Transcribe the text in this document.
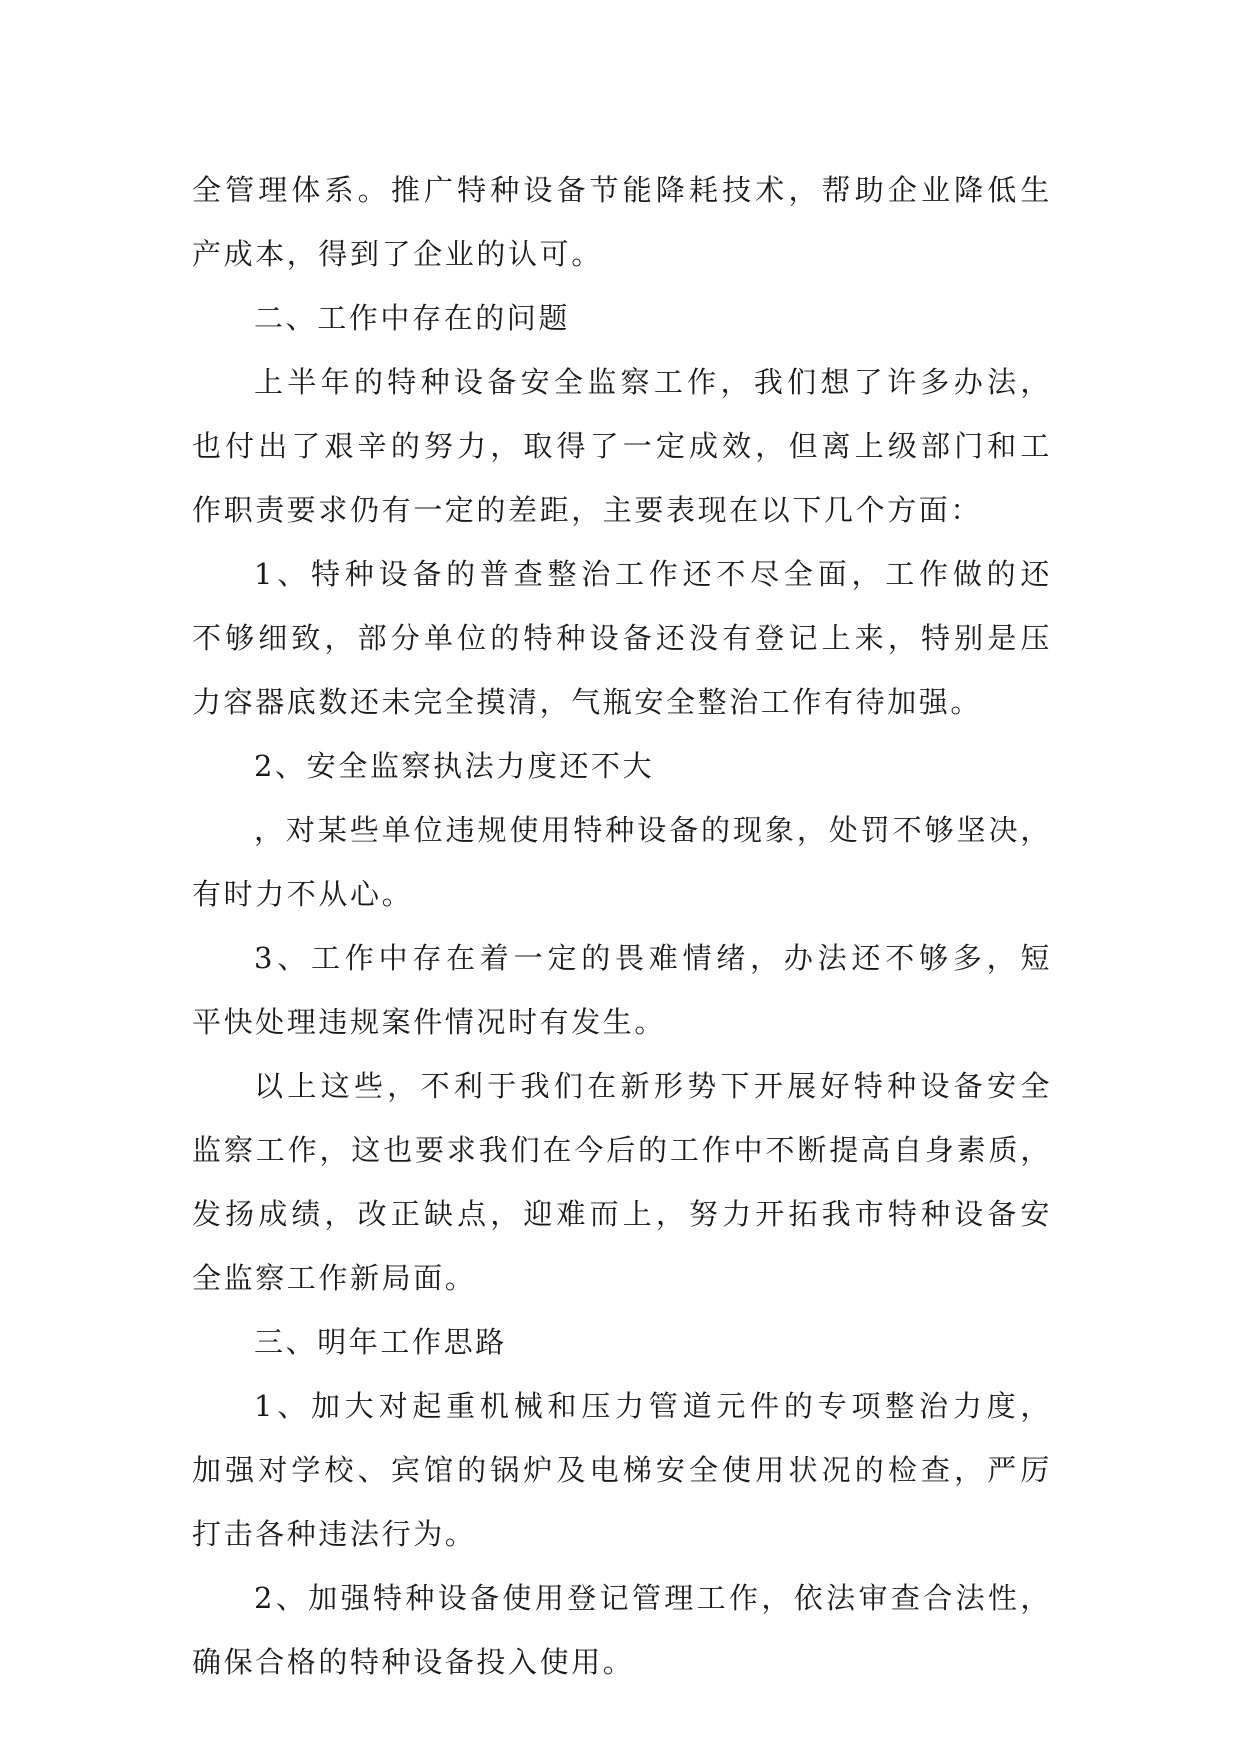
全管理体系。推广特种设备节能降耗技术，帮助企业降低生
产成本，得到了企业的认可。
二、工作中存在的问题
上半年的特种设备安全监察工作，我们想了许多办法，
也付出了艰辛的努力，取得了一定成效，但离上级部门和工
作职责要求仍有一定的差距，主要表现在以下几个方面：
1、特种设备的普查整治工作还不尽全面，工作做的还
不够细致，部分单位的特种设备还没有登记上来，特别是压
力容器底数还未完全摸清，气瓶安全整治工作有待加强。
2、安全监察执法力度还不大
，对某些单位违规使用特种设备的现象，处罚不够坚决，
有时力不从心。
3、工作中存在着一定的畏难情绪，办法还不够多，短
平快处理违规案件情况时有发生。
以上这些，不利于我们在新形势下开展好特种设备安全
监察工作，这也要求我们在今后的工作中不断提高自身素质，
发扬成绩，改正缺点，迎难而上，努力开拓我市特种设备安
全监察工作新局面。
三、明年工作思路
1、加大对起重机械和压力管道元件的专项整治力度，
加强对学校、宾馆的锅炉及电梯安全使用状况的检查，严厉
打击各种违法行为。
2、加强特种设备使用登记管理工作，依法审查合法性，
确保合格的特种设备投入使用。
